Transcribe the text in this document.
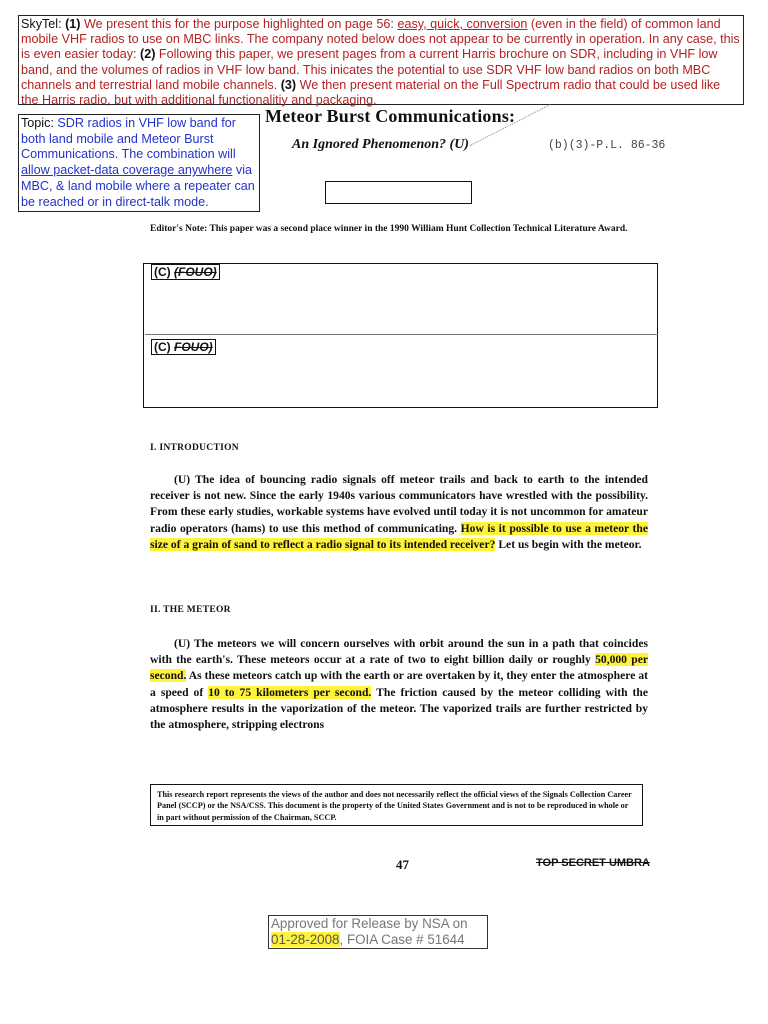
SkyTel: (1) We present this for the purpose highlighted on page 56: easy, quick, conversion (even in the field) of common land mobile VHF radios to use on MBC links. The company noted below does not appear to be currently in operation. In any case, this is even easier today: (2) Following this paper, we present pages from a current Harris brochure on SDR, including in VHF low band, and the volumes of radios in VHF low band. This inicates the potential to use SDR VHF low band radios on both MBC channels and terrestrial land mobile channels. (3) We then present material on the Full Spectrum radio that could be used like the Harris radio, but with additional functionalitiy and packaging.
Topic: SDR radios in VHF low band for both land mobile and Meteor Burst Communications. The combination will allow packet-data coverage anywhere via MBC, & land mobile where a repeater can be reached or in direct-talk mode.
Meteor Burst Communications:
An Ignored Phenomenon? (U)	(b)(3)-P.L. 86-36
Editor's Note: This paper was a second place winner in the 1990 William Hunt Collection Technical Literature Award.
(C) (FOUO)
(C) FOUO)
I. INTRODUCTION
(U) The idea of bouncing radio signals off meteor trails and back to earth to the intended receiver is not new. Since the early 1940s various communicators have wrestled with the possibility. From these early studies, workable systems have evolved until today it is not uncommon for amateur radio operators (hams) to use this method of communicating. How is it possible to use a meteor the size of a grain of sand to reflect a radio signal to its intended receiver? Let us begin with the meteor.
II. THE METEOR
(U) The meteors we will concern ourselves with orbit around the sun in a path that coincides with the earth's. These meteors occur at a rate of two to eight billion daily or roughly 50,000 per second. As these meteors catch up with the earth or are overtaken by it, they enter the atmosphere at a speed of 10 to 75 kilometers per second. The friction caused by the meteor colliding with the atmosphere results in the vaporization of the meteor. The vaporized trails are further restricted by the atmosphere, stripping electrons
This research report represents the views of the author and does not necessarily reflect the official views of the Signals Collection Career Panel (SCCP) or the NSA/CSS. This document is the property of the United States Government and is not to be reproduced in whole or in part without permission of the Chairman, SCCP.
47	TOP SECRET UMBRA
Approved for Release by NSA on
01-28-2008, FOIA Case # 51644
